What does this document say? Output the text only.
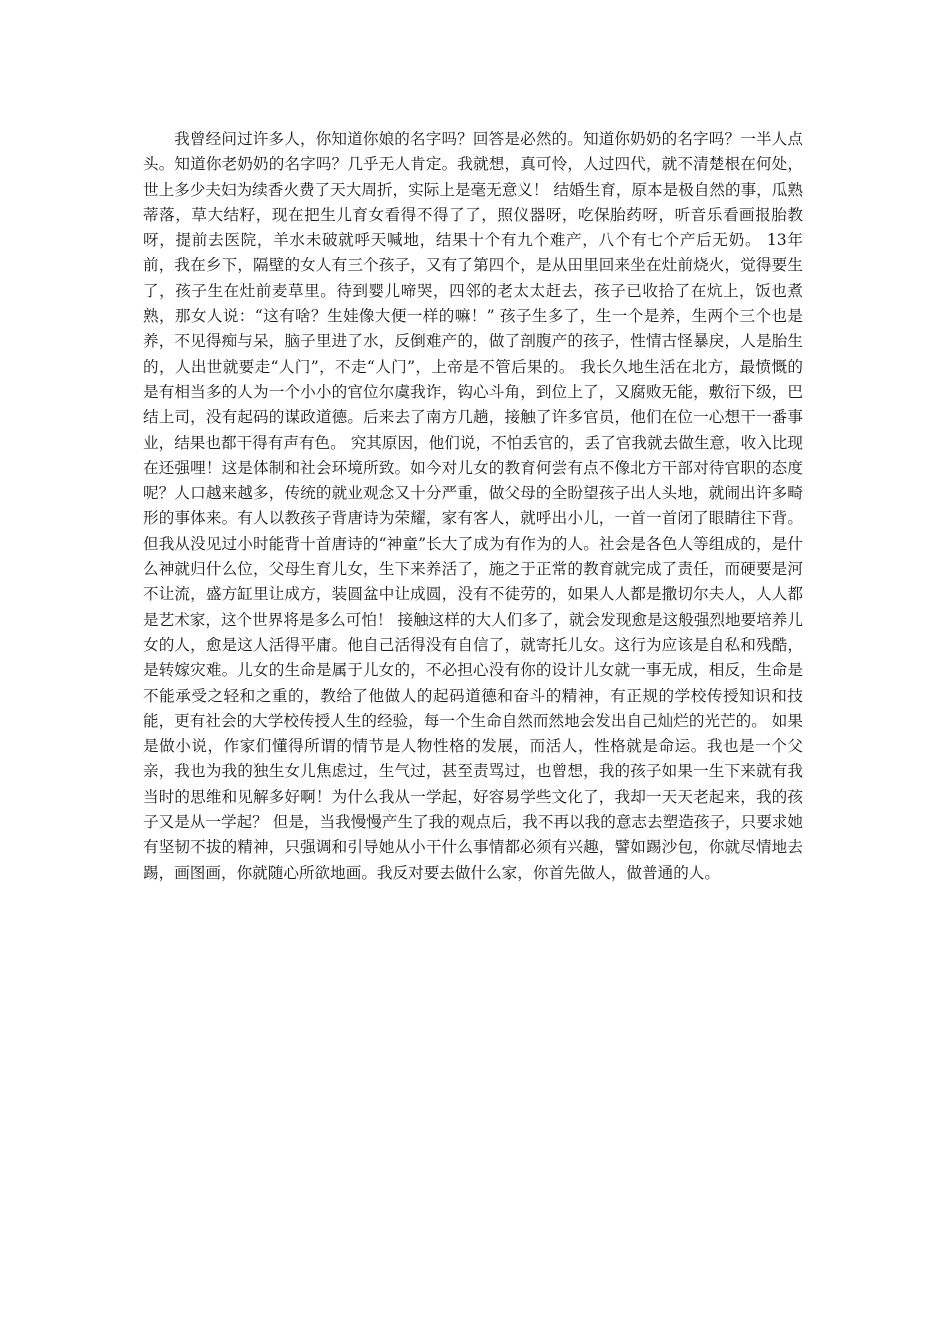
我曾经问过许多人，你知道你娘的名字吗？回答是必然的。知道你奶奶的名字吗？一半人点头。知道你老奶奶的名字吗？几乎无人肯定。我就想，真可怜，人过四代，就不清楚根在何处，世上多少夫妇为续香火费了天大周折，实际上是毫无意义！ 结婚生育，原本是极自然的事，瓜熟蒂落，草大结籽，现在把生儿育女看得不得了了，照仪器呀，吃保胎药呀，听音乐看画报胎教呀，提前去医院，羊水未破就呼天喊地，结果十个有九个难产，八个有七个产后无奶。 13年前，我在乡下，隔壁的女人有三个孩子，又有了第四个，是从田里回来坐在灶前烧火，觉得要生了，孩子生在灶前麦草里。待到婴儿啼哭，四邻的老太太赶去，孩子已收拾了在炕上，饭也煮熟，那女人说：“这有啥？生娃像大便一样的嘛！” 孩子生多了，生一个是养，生两个三个也是养，不见得痴与呆，脑子里进了水，反倒难产的，做了剖腹产的孩子，性情古怪暴戾，人是胎生的，人出世就要走“人门”，不走“人门”，上帝是不管后果的。 我长久地生活在北方，最愤慨的是有相当多的人为一个小小的官位尔虞我诈，钩心斗角，到位上了，又腐败无能，敷衍下级，巴结上司，没有起码的谋政道德。后来去了南方几趟，接触了许多官员，他们在位一心想干一番事业，结果也都干得有声有色。 究其原因，他们说，不怕丢官的，丢了官我就去做生意，收入比现在还强哩！这是体制和社会环境所致。如今对儿女的教育何尝有点不像北方干部对待官职的态度呢？人口越来越多，传统的就业观念又十分严重，做父母的全盼望孩子出人头地，就闹出许多畸形的事体来。有人以教孩子背唐诗为荣耀，家有客人，就呼出小儿，一首一首闭了眼睛往下背。但我从没见过小时能背十首唐诗的“神童”长大了成为有作为的人。社会是各色人等组成的，是什么神就归什么位，父母生育儿女，生下来养活了，施之于正常的教育就完成了责任，而硬要是河不让流，盛方缸里让成方，装圆盆中让成圆，没有不徒劳的，如果人人都是撒切尔夫人，人人都是艺术家，这个世界将是多么可怕！ 接触这样的大人们多了，就会发现愈是这般强烈地要培养儿女的人，愈是这人活得平庸。他自己活得没有自信了，就寄托儿女。这行为应该是自私和残酷，是转嫁灾难。儿女的生命是属于儿女的，不必担心没有你的设计儿女就一事无成，相反，生命是不能承受之轻和之重的，教给了他做人的起码道德和奋斗的精神，有正规的学校传授知识和技能，更有社会的大学校传授人生的经验，每一个生命自然而然地会发出自己灿烂的光芒的。 如果是做小说，作家们懂得所谓的情节是人物性格的发展，而活人，性格就是命运。我也是一个父亲，我也为我的独生女儿焦虑过，生气过，甚至责骂过，也曾想，我的孩子如果一生下来就有我当时的思维和见解多好啊！为什么我从一学起，好容易学些文化了，我却一天天老起来，我的孩子又是从一学起？ 但是，当我慢慢产生了我的观点后，我不再以我的意志去塑造孩子，只要求她有坚韧不拔的精神，只强调和引导她从小干什么事情都必须有兴趣，譬如踢沙包，你就尽情地去踢，画图画，你就随心所欲地画。我反对要去做什么家，你首先做人，做普通的人。
